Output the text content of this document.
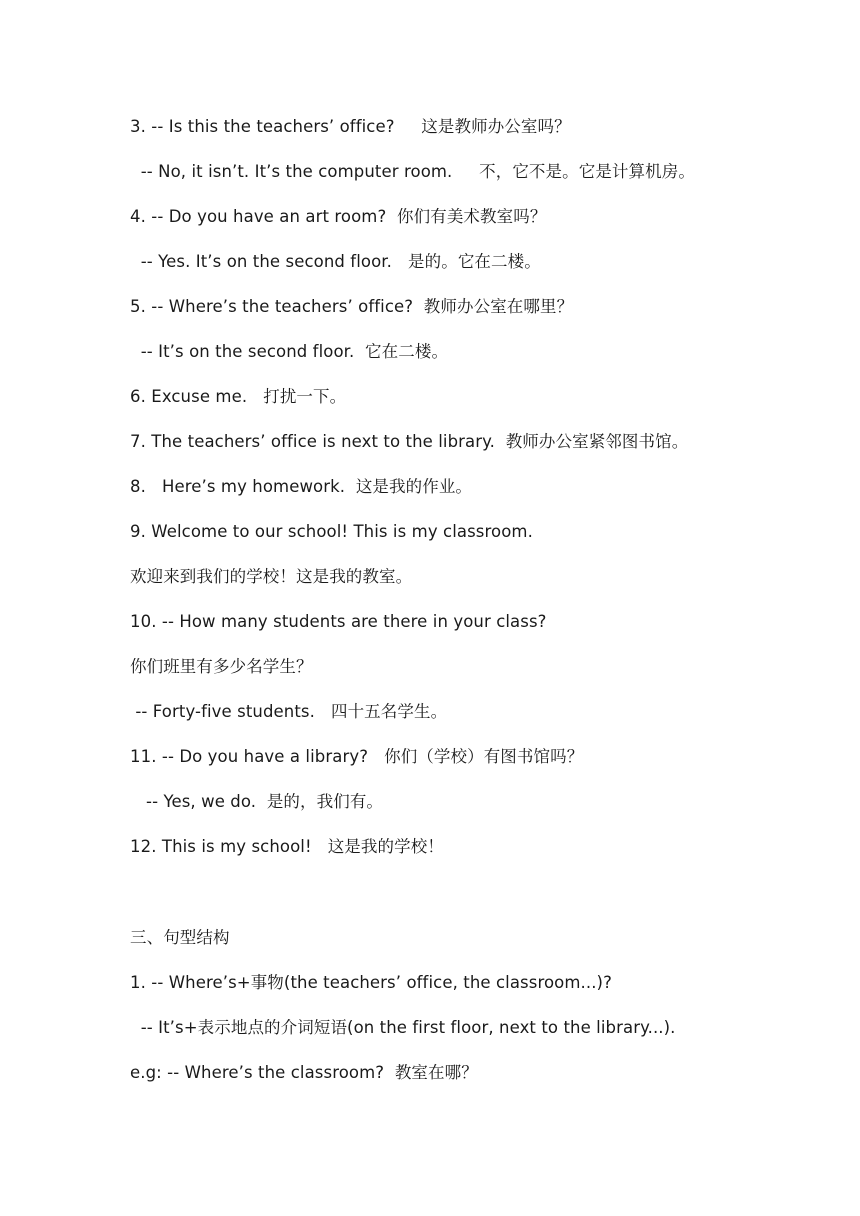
3. -- Is this the teachers’ office?     这是教师办公室吗？
-- No, it isn’t. It’s the computer room.     不，它不是。它是计算机房。
4. -- Do you have an art room?  你们有美术教室吗？
-- Yes. It’s on the second floor.   是的。它在二楼。
5. -- Where’s the teachers’ office?  教师办公室在哪里？
-- It’s on the second floor.  它在二楼。
6. Excuse me.   打扰一下。
7. The teachers’ office is next to the library.  教师办公室紧邻图书馆。
8.   Here’s my homework.  这是我的作业。
9. Welcome to our school! This is my classroom.
欢迎来到我们的学校！这是我的教室。
10. -- How many students are there in your class?
你们班里有多少名学生？
-- Forty-five students.   四十五名学生。
11. -- Do you have a library?   你们（学校）有图书馆吗？
-- Yes, we do.  是的，我们有。
12. This is my school!   这是我的学校！
三、句型结构
1. -- Where’s+事物(the teachers’ office, the classroom...)?
-- It’s+表示地点的介词短语(on the first floor, next to the library...).
e.g: -- Where’s the classroom?  教室在哪？
